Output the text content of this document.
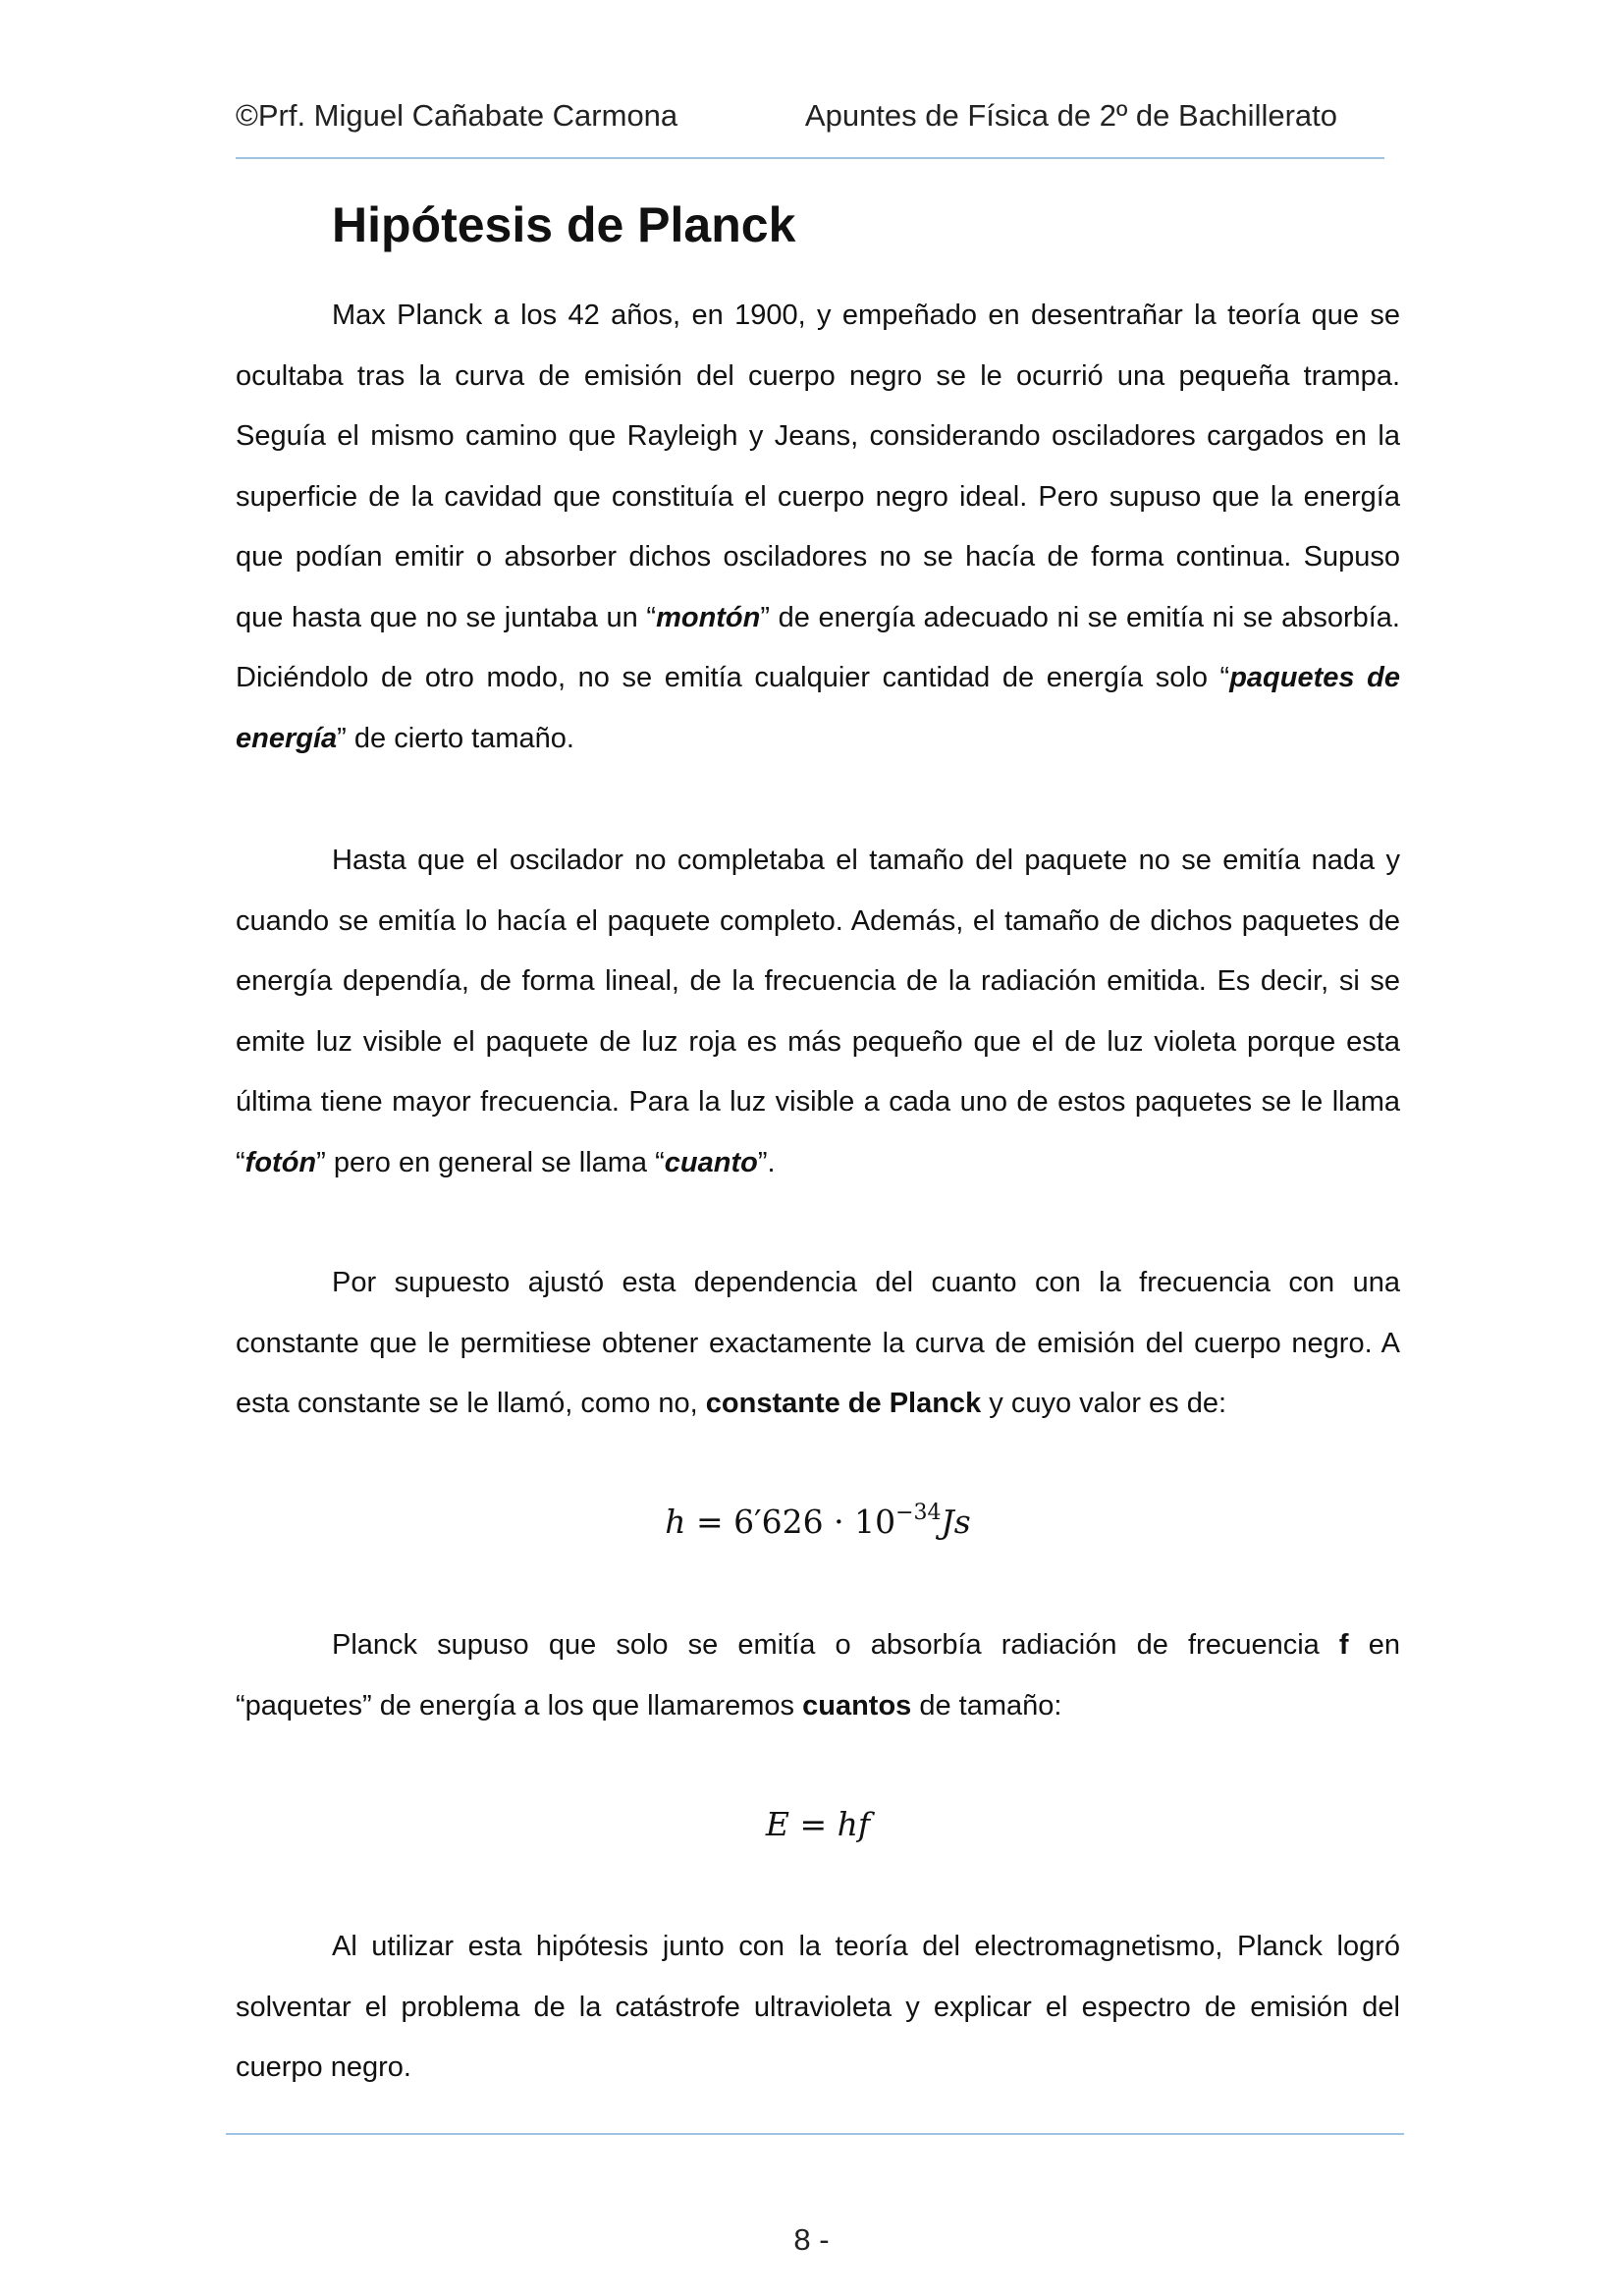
©Prf. Miguel Cañabate Carmona	Apuntes de Física de 2º de Bachillerato
Hipótesis de Planck
Max Planck a los 42 años, en 1900, y empeñado en desentrañar la teoría que se ocultaba tras la curva de emisión del cuerpo negro se le ocurrió una pequeña trampa. Seguía el mismo camino que Rayleigh y Jeans, considerando osciladores cargados en la superficie de la cavidad que constituía el cuerpo negro ideal. Pero supuso que la energía que podían emitir o absorber dichos osciladores no se hacía de forma continua. Supuso que hasta que no se juntaba un “montón” de energía adecuado ni se emitía ni se absorbía. Diciéndolo de otro modo, no se emitía cualquier cantidad de energía solo “paquetes de energía” de cierto tamaño.
Hasta que el oscilador no completaba el tamaño del paquete no se emitía nada y cuando se emitía lo hacía el paquete completo. Además, el tamaño de dichos paquetes de energía dependía, de forma lineal, de la frecuencia de la radiación emitida. Es decir, si se emite luz visible el paquete de luz roja es más pequeño que el de luz violeta porque esta última tiene mayor frecuencia. Para la luz visible a cada uno de estos paquetes se le llama “fotón” pero en general se llama “cuanto”.
Por supuesto ajustó esta dependencia del cuanto con la frecuencia con una constante que le permitiese obtener exactamente la curva de emisión del cuerpo negro. A esta constante se le llamó, como no, constante de Planck y cuyo valor es de:
$h = 6'626 \cdot 10^{-34}Js$
Planck supuso que solo se emitía o absorbía radiación de frecuencia f en “paquetes” de energía a los que llamaremos cuantos de tamaño:
E = hf
Al utilizar esta hipótesis junto con la teoría del electromagnetismo, Planck logró solventar el problema de la catástrofe ultravioleta y explicar el espectro de emisión del cuerpo negro.
8 -
